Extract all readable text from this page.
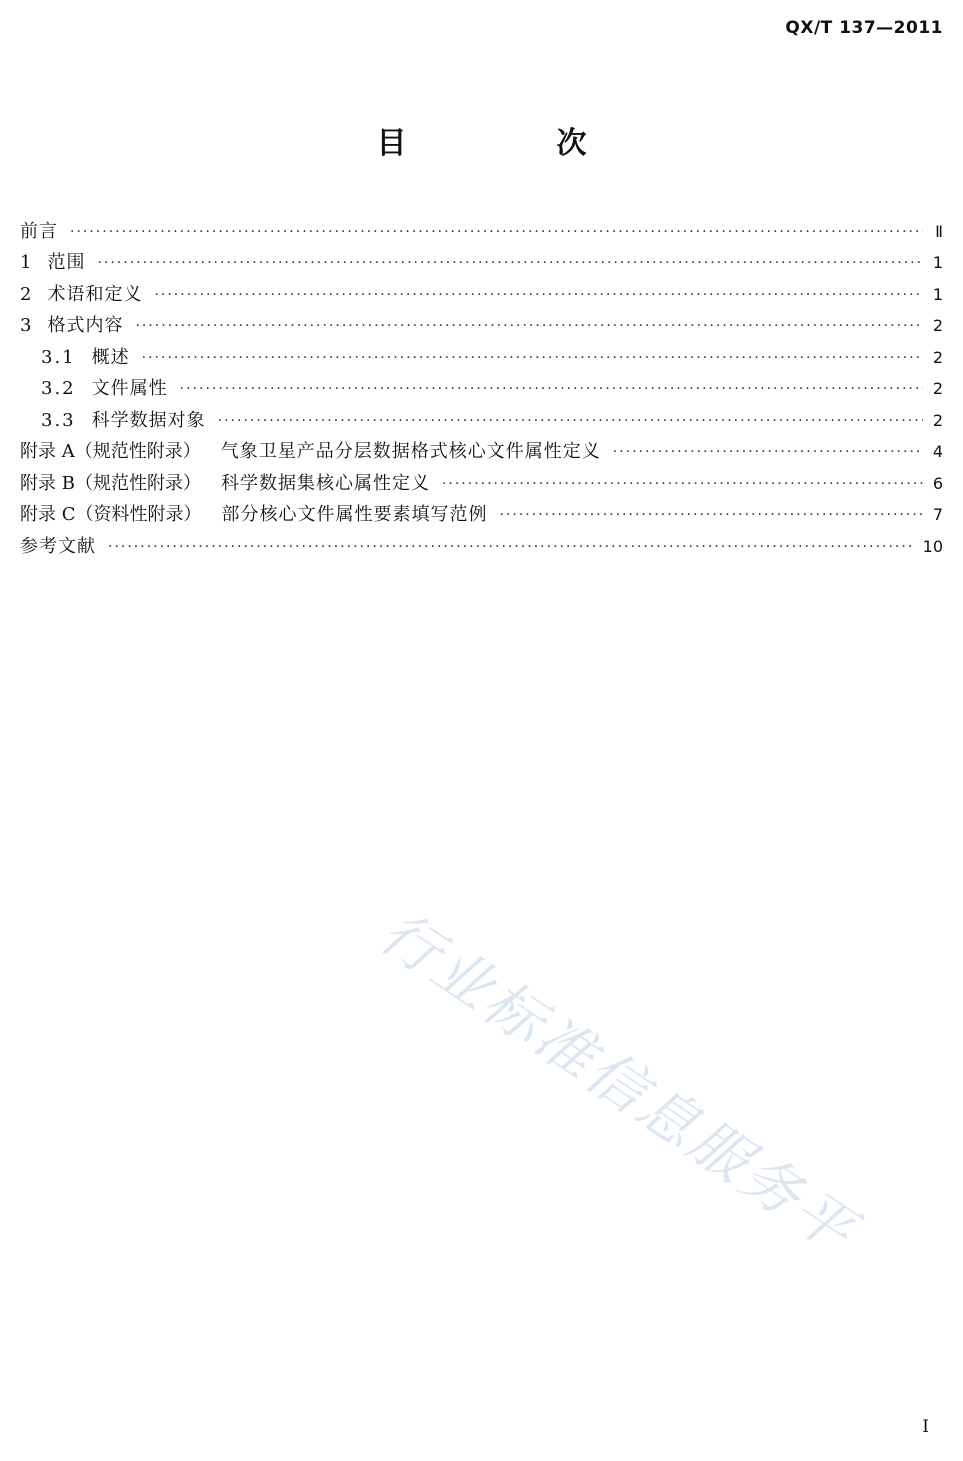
QX/T 137—2011
目　次
前言 ·····	Ⅱ
1 范围 ·····	1
2 术语和定义 ·····	1
3 格式内容 ·····	2
3.1 概述 ·····	2
3.2 文件属性 ·····	2
3.3 科学数据对象 ·····	2
附录 A（规范性附录） 气象卫星产品分层数据格式核心文件属性定义 ·····	4
附录 B（规范性附录） 科学数据集核心属性定义 ·····	6
附录 C（资料性附录） 部分核心文件属性要素填写范例 ·····	7
参考文献 ·····	10
行业标准信息服务平
I
